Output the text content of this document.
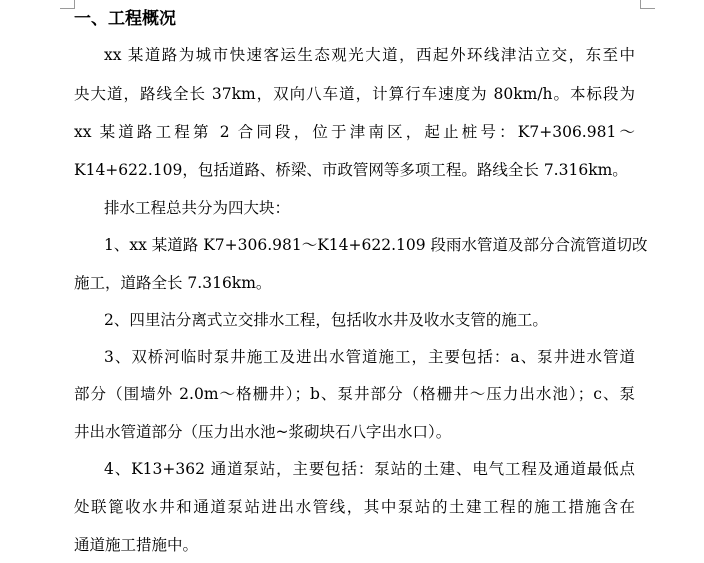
一、工程概况
xx 某道路为城市快速客运生态观光大道，西起外环线津沽立交，东至中
央大道，路线全长 37km，双向八车道，计算行车速度为 80km/h。本标段为
xx 某道路工程第 2 合同段，位于津南区，起止桩号：K7+306.981～
K14+622.109，包括道路、桥梁、市政管网等多项工程。路线全长 7.316km。
排水工程总共分为四大块：
1、xx 某道路 K7+306.981～K14+622.109 段雨水管道及部分合流管道切改
施工，道路全长 7.316km。
2、四里沽分离式立交排水工程，包括收水井及收水支管的施工。
3、双桥河临时泵井施工及进出水管道施工，主要包括：a、泵井进水管道
部分（围墙外 2.0m～格栅井）；b、泵井部分（格栅井～压力出水池）；c、泵
井出水管道部分（压力出水池~浆砌块石八字出水口）。
4、K13+362 通道泵站，主要包括：泵站的土建、电气工程及通道最低点
处联篦收水井和通道泵站进出水管线，其中泵站的土建工程的施工措施含在
通道施工措施中。
